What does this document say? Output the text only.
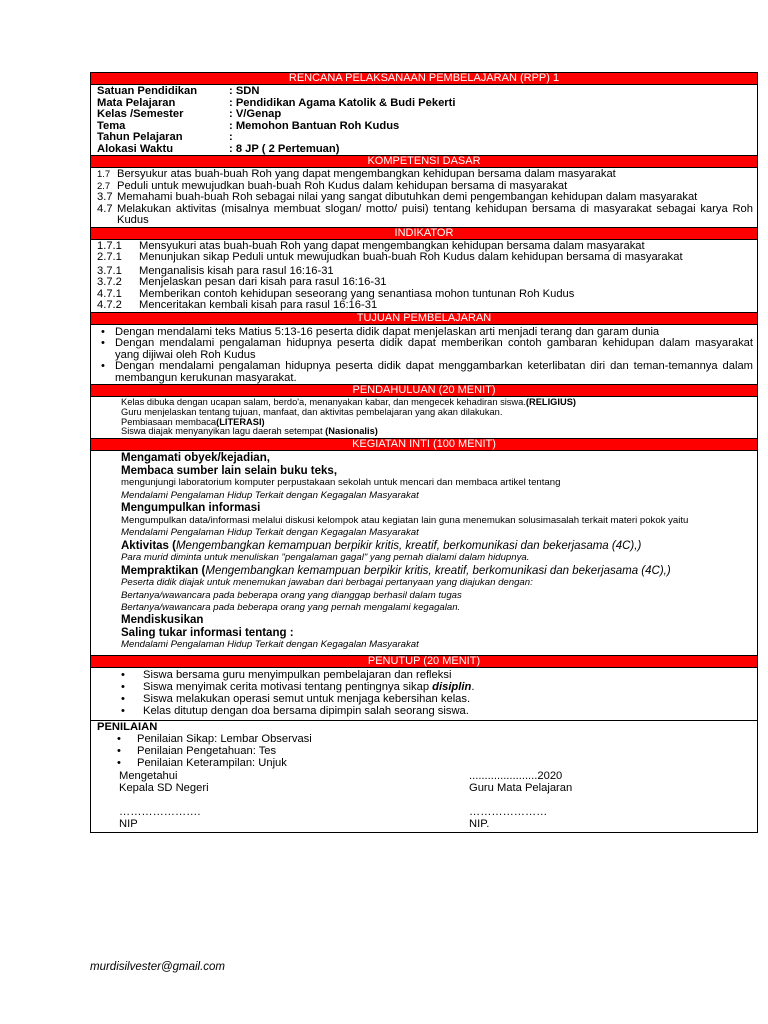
RENCANA PELAKSANAAN PEMBELAJARAN (RPP) 1
Satuan Pendidikan	: SDN
Mata Pelajaran	: Pendidikan Agama Katolik & Budi Pekerti
Kelas /Semester	: V/Genap
Tema	: Memohon Bantuan Roh Kudus
Tahun Pelajaran	:
Alokasi Waktu	: 8 JP ( 2 Pertemuan)
KOMPETENSI DASAR
1.7 Bersyukur atas buah-buah Roh yang dapat mengembangkan kehidupan bersama dalam masyarakat
2.7 Peduli untuk mewujudkan buah-buah Roh Kudus dalam kehidupan bersama di masyarakat
3.7 Memahami buah-buah Roh sebagai nilai yang sangat dibutuhkan demi pengembangan kehidupan dalam masyarakat
4.7 Melakukan aktivitas (misalnya membuat slogan/ motto/ puisi) tentang kehidupan bersama di masyarakat sebagai karya Roh Kudus
INDIKATOR
1.7.1	Mensyukuri atas buah-buah Roh yang dapat mengembangkan kehidupan bersama dalam masyarakat
2.7.1	Menunjukan sikap Peduli untuk mewujudkan buah-buah Roh Kudus dalam kehidupan bersama di masyarakat
3.7.1	Menganalisis kisah para rasul 16:16-31
3.7.2	Menjelaskan pesan dari kisah para rasul 16:16-31
4.7.1	Memberikan contoh kehidupan seseorang yang senantiasa mohon tuntunan Roh Kudus
4.7.2	Menceritakan kembali kisah para rasul 16:16-31
TUJUAN PEMBELAJARAN
• Dengan mendalami teks Matius 5:13-16 peserta didik dapat menjelaskan arti menjadi terang dan garam dunia
• Dengan mendalami pengalaman hidupnya peserta didik dapat memberikan contoh gambaran kehidupan dalam masyarakat yang dijiwai oleh Roh Kudus
• Dengan mendalami pengalaman hidupnya peserta didik dapat menggambarkan keterlibatan diri dan teman-temannya dalam membangun kerukunan masyarakat.
PENDAHULUAN (20 MENIT)
Kelas dibuka dengan ucapan salam, berdo'a, menanyakan kabar, dan mengecek kehadiran siswa.(RELIGIUS)
Guru menjelaskan tentang tujuan, manfaat, dan aktivitas pembelajaran yang akan dilakukan.
Pembiasaan membaca(LITERASI)
Siswa diajak menyanyikan lagu daerah setempat (Nasionalis)
KEGIATAN INTI (100 MENIT)
Mengamati obyek/kejadian,
Membaca sumber lain selain buku teks,
mengunjungi laboratorium komputer perpustakaan sekolah untuk mencari dan membaca artikel tentang
Mendalami Pengalaman Hidup Terkait dengan Kegagalan Masyarakat
Mengumpulkan informasi
Mengumpulkan data/informasi melalui diskusi kelompok atau kegiatan lain guna menemukan solusimasalah terkait materi pokok yaitu
Mendalami Pengalaman Hidup Terkait dengan Kegagalan Masyarakat
Aktivitas (Mengembangkan kemampuan berpikir kritis, kreatif, berkomunikasi dan bekerjasama (4C),)
Para murid diminta untuk menuliskan "pengalaman gagal" yang pernah dialami dalam hidupnya.
Mempraktikan (Mengembangkan kemampuan berpikir kritis, kreatif, berkomunikasi dan bekerjasama (4C),)
Peserta didik diajak untuk menemukan jawaban dari berbagai pertanyaan yang diajukan dengan:
Bertanya/wawancara pada beberapa orang yang dianggap berhasil dalam tugas
Bertanya/wawancara pada beberapa orang yang pernah mengalami kegagalan.
Mendiskusikan
Saling tukar informasi tentang :
Mendalami Pengalaman Hidup Terkait dengan Kegagalan Masyarakat
PENUTUP (20 MENIT)
•	Siswa bersama guru menyimpulkan pembelajaran dan refleksi
•	Siswa menyimak cerita motivasi tentang pentingnya sikap disiplin.
•	Siswa melakukan operasi semut untuk menjaga kebersihan kelas.
•	Kelas ditutup dengan doa bersama dipimpin salah seorang siswa.
PENILAIAN
•	Penilaian Sikap: Lembar Observasi
•	Penilaian Pengetahuan: Tes
•	Penilaian Keterampilan: Unjuk
Mengetahui	......................2020
Kepala SD Negeri	Guru Mata Pelajaran
………………….	…………………
NIP	NIP.
murdisilvester@gmail.com
